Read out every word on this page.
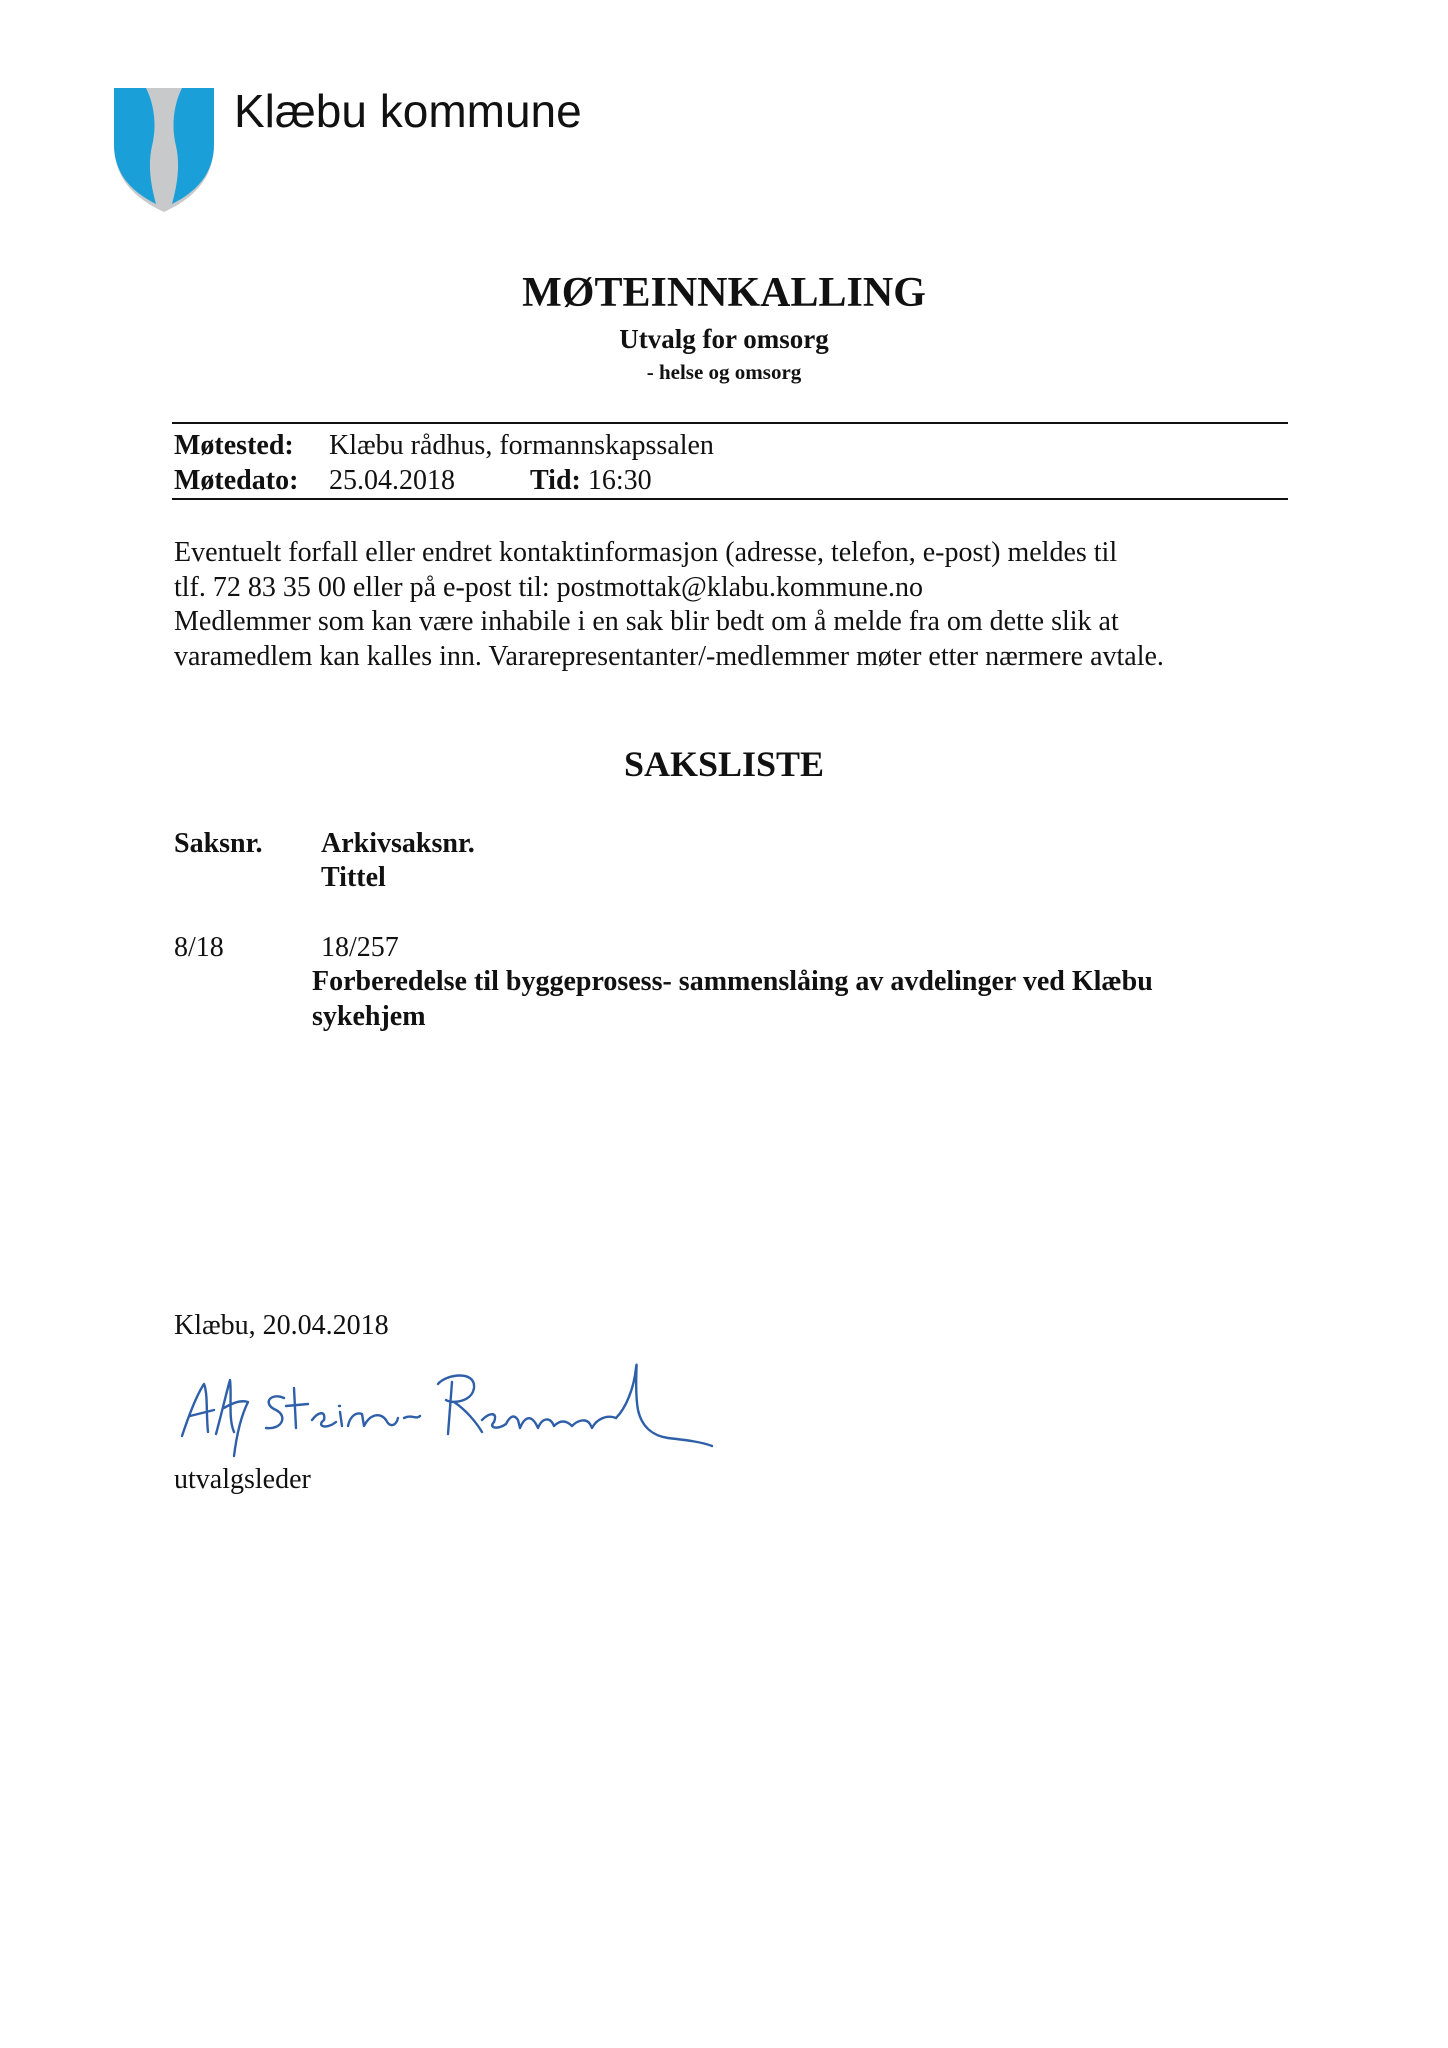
Klæbu kommune
MØTEINNKALLING
Utvalg for omsorg
- helse og omsorg
Møtested: Klæbu rådhus, formannskapssalen
Møtedato: 25.04.2018	Tid: 16:30

Eventuelt forfall eller endret kontaktinformasjon (adresse, telefon, e-post) meldes til

tlf. 72 83 35 00 eller på e-post til: postmottak@klabu.kommune.no

Medlemmer som kan være inhabile i en sak blir bedt om å melde fra om dette slik at

varamedlem kan kalles inn. Vararepresentanter/-medlemmer møter etter nærmere avtale.

SAKSLISTE
Saksnr. Arkivsaksnr.
Tittel
8/18	18/257
Forberedelse til byggeprosess- sammenslåing av avdelinger ved Klæbu sykehjem
Klæbu, 20.04.2018
utvalgsleder
